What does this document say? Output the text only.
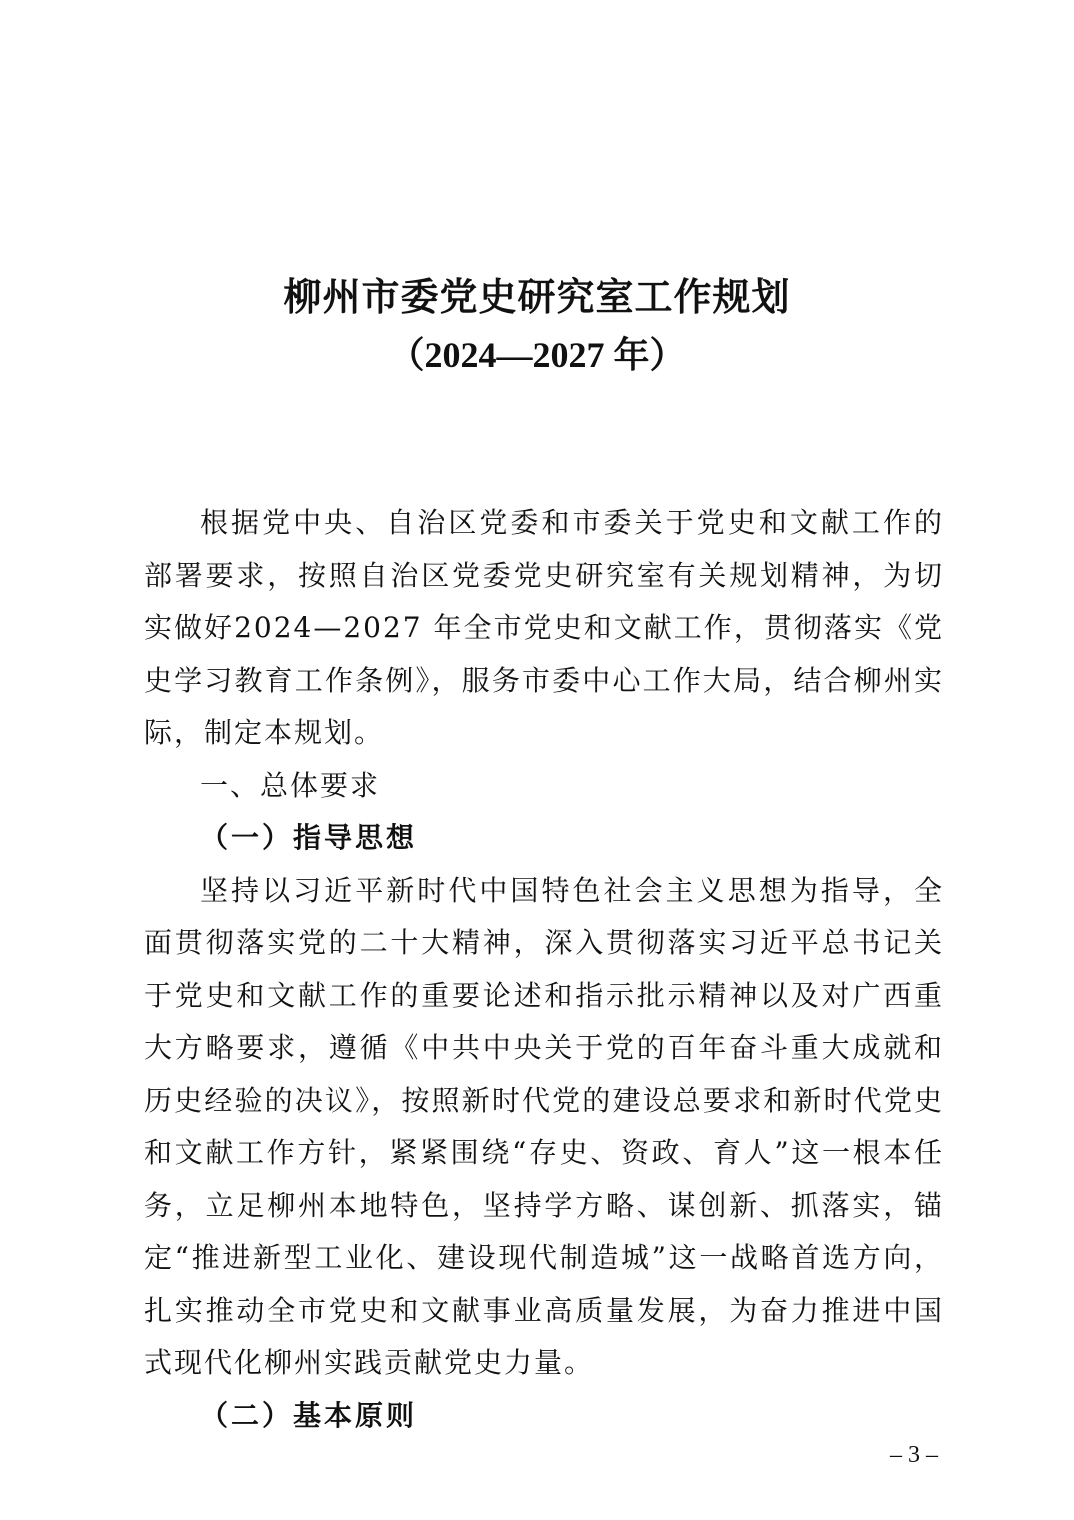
柳州市委党史研究室工作规划
（2024—2027 年）

根据党中央、自治区党委和市委关于党史和文献工作的部署要求，按照自治区党委党史研究室有关规划精神，为切实做好2024—2027 年全市党史和文献工作，贯彻落实《党史学习教育工作条例》，服务市委中心工作大局，结合柳州实际，制定本规划。

一、总体要求

（一）指导思想

坚持以习近平新时代中国特色社会主义思想为指导，全面贯彻落实党的二十大精神，深入贯彻落实习近平总书记关于党史和文献工作的重要论述和指示批示精神以及对广西重大方略要求，遵循《中共中央关于党的百年奋斗重大成就和历史经验的决议》，按照新时代党的建设总要求和新时代党史和文献工作方针，紧紧围绕“存史、资政、育人”这一根本任务，立足柳州本地特色，坚持学方略、谋创新、抓落实，锚定“推进新型工业化、建设现代制造城”这一战略首选方向，扎实推动全市党史和文献事业高质量发展，为奋力推进中国式现代化柳州实践贡献党史力量。

（二）基本原则

– 3 –
